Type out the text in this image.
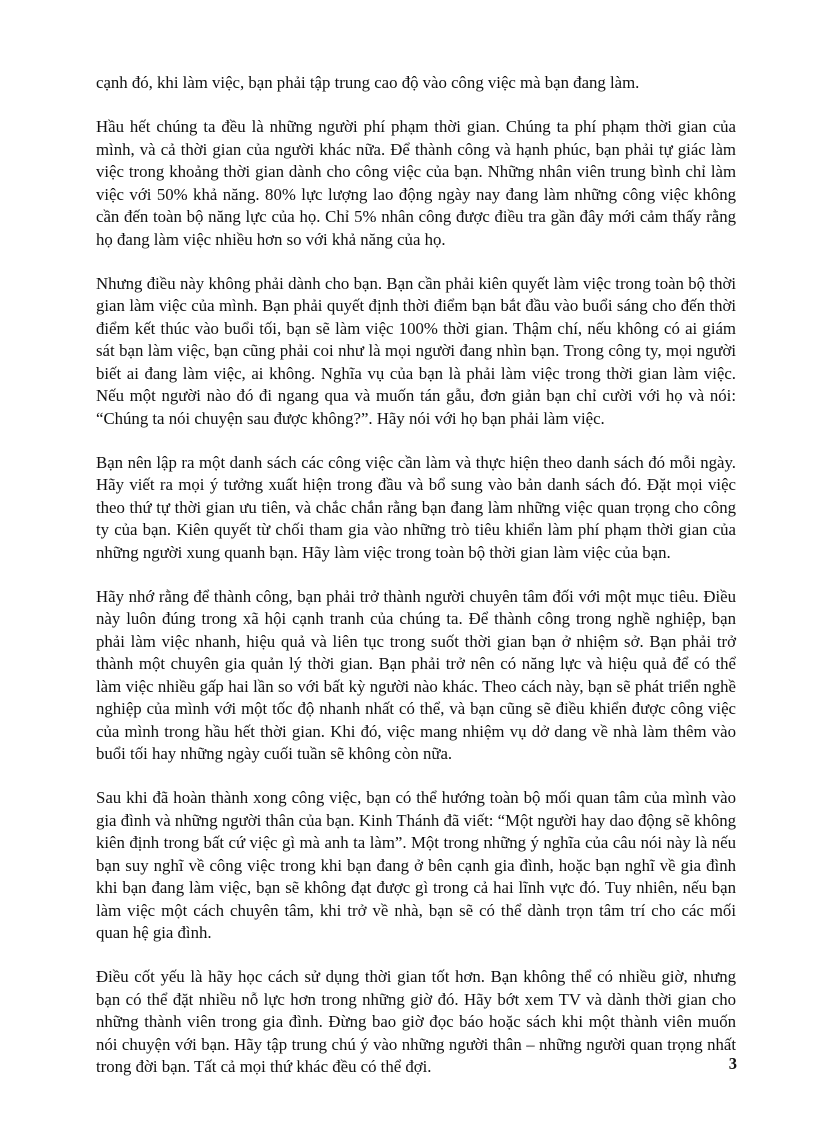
cạnh đó, khi làm việc, bạn phải tập trung cao độ vào công việc mà bạn đang làm.

Hầu hết chúng ta đều là những người phí phạm thời gian. Chúng ta phí phạm thời gian của mình, và cả thời gian của người khác nữa. Để thành công và hạnh phúc, bạn phải tự giác làm việc trong khoảng thời gian dành cho công việc của bạn. Những nhân viên trung bình chỉ làm việc với 50% khả năng. 80% lực lượng lao động ngày nay đang làm những công việc không cần đến toàn bộ năng lực của họ. Chỉ 5% nhân công được điều tra gần đây mới cảm thấy rằng họ đang làm việc nhiều hơn so với khả năng của họ.

Nhưng điều này không phải dành cho bạn. Bạn cần phải kiên quyết làm việc trong toàn bộ thời gian làm việc của mình. Bạn phải quyết định thời điểm bạn bắt đầu vào buổi sáng cho đến thời điểm kết thúc vào buổi tối, bạn sẽ làm việc 100% thời gian. Thậm chí, nếu không có ai giám sát bạn làm việc, bạn cũng phải coi như là mọi người đang nhìn bạn. Trong công ty, mọi người biết ai đang làm việc, ai không. Nghĩa vụ của bạn là phải làm việc trong thời gian làm việc. Nếu một người nào đó đi ngang qua và muốn tán gẫu, đơn giản bạn chỉ cười với họ và nói: “Chúng ta nói chuyện sau được không?”. Hãy nói với họ bạn phải làm việc.

Bạn nên lập ra một danh sách các công việc cần làm và thực hiện theo danh sách đó mỗi ngày. Hãy viết ra mọi ý tưởng xuất hiện trong đầu và bổ sung vào bản danh sách đó. Đặt mọi việc theo thứ tự thời gian ưu tiên, và chắc chắn rằng bạn đang làm những việc quan trọng cho công ty của bạn. Kiên quyết từ chối tham gia vào những trò tiêu khiển làm phí phạm thời gian của những người xung quanh bạn. Hãy làm việc trong toàn bộ thời gian làm việc của bạn.

Hãy nhớ rằng để thành công, bạn phải trở thành người chuyên tâm đối với một mục tiêu. Điều này luôn đúng trong xã hội cạnh tranh của chúng ta. Để thành công trong nghề nghiệp, bạn phải làm việc nhanh, hiệu quả và liên tục trong suốt thời gian bạn ở nhiệm sở. Bạn phải trở thành một chuyên gia quản lý thời gian. Bạn phải trở nên có năng lực và hiệu quả để có thể làm việc nhiều gấp hai lần so với bất kỳ người nào khác. Theo cách này, bạn sẽ phát triển nghề nghiệp của mình với một tốc độ nhanh nhất có thể, và bạn cũng sẽ điều khiển được công việc của mình trong hầu hết thời gian. Khi đó, việc mang nhiệm vụ dở dang về nhà làm thêm vào buổi tối hay những ngày cuối tuần sẽ không còn nữa.

Sau khi đã hoàn thành xong công việc, bạn có thể hướng toàn bộ mối quan tâm của mình vào gia đình và những người thân của bạn. Kinh Thánh đã viết: “Một người hay dao động sẽ không kiên định trong bất cứ việc gì mà anh ta làm”. Một trong những ý nghĩa của câu nói này là nếu bạn suy nghĩ về công việc trong khi bạn đang ở bên cạnh gia đình, hoặc bạn nghĩ về gia đình khi bạn đang làm việc, bạn sẽ không đạt được gì trong cả hai lĩnh vực đó. Tuy nhiên, nếu bạn làm việc một cách chuyên tâm, khi trở về nhà, bạn sẽ có thể dành trọn tâm trí cho các mối quan hệ gia đình.

Điều cốt yếu là hãy học cách sử dụng thời gian tốt hơn. Bạn không thể có nhiều giờ, nhưng bạn có thể đặt nhiều nỗ lực hơn trong những giờ đó. Hãy bớt xem TV và dành thời gian cho những thành viên trong gia đình. Đừng bao giờ đọc báo hoặc sách khi một thành viên muốn nói chuyện với bạn. Hãy tập trung chú ý vào những người thân – những người quan trọng nhất trong đời bạn. Tất cả mọi thứ khác đều có thể đợi.	3
